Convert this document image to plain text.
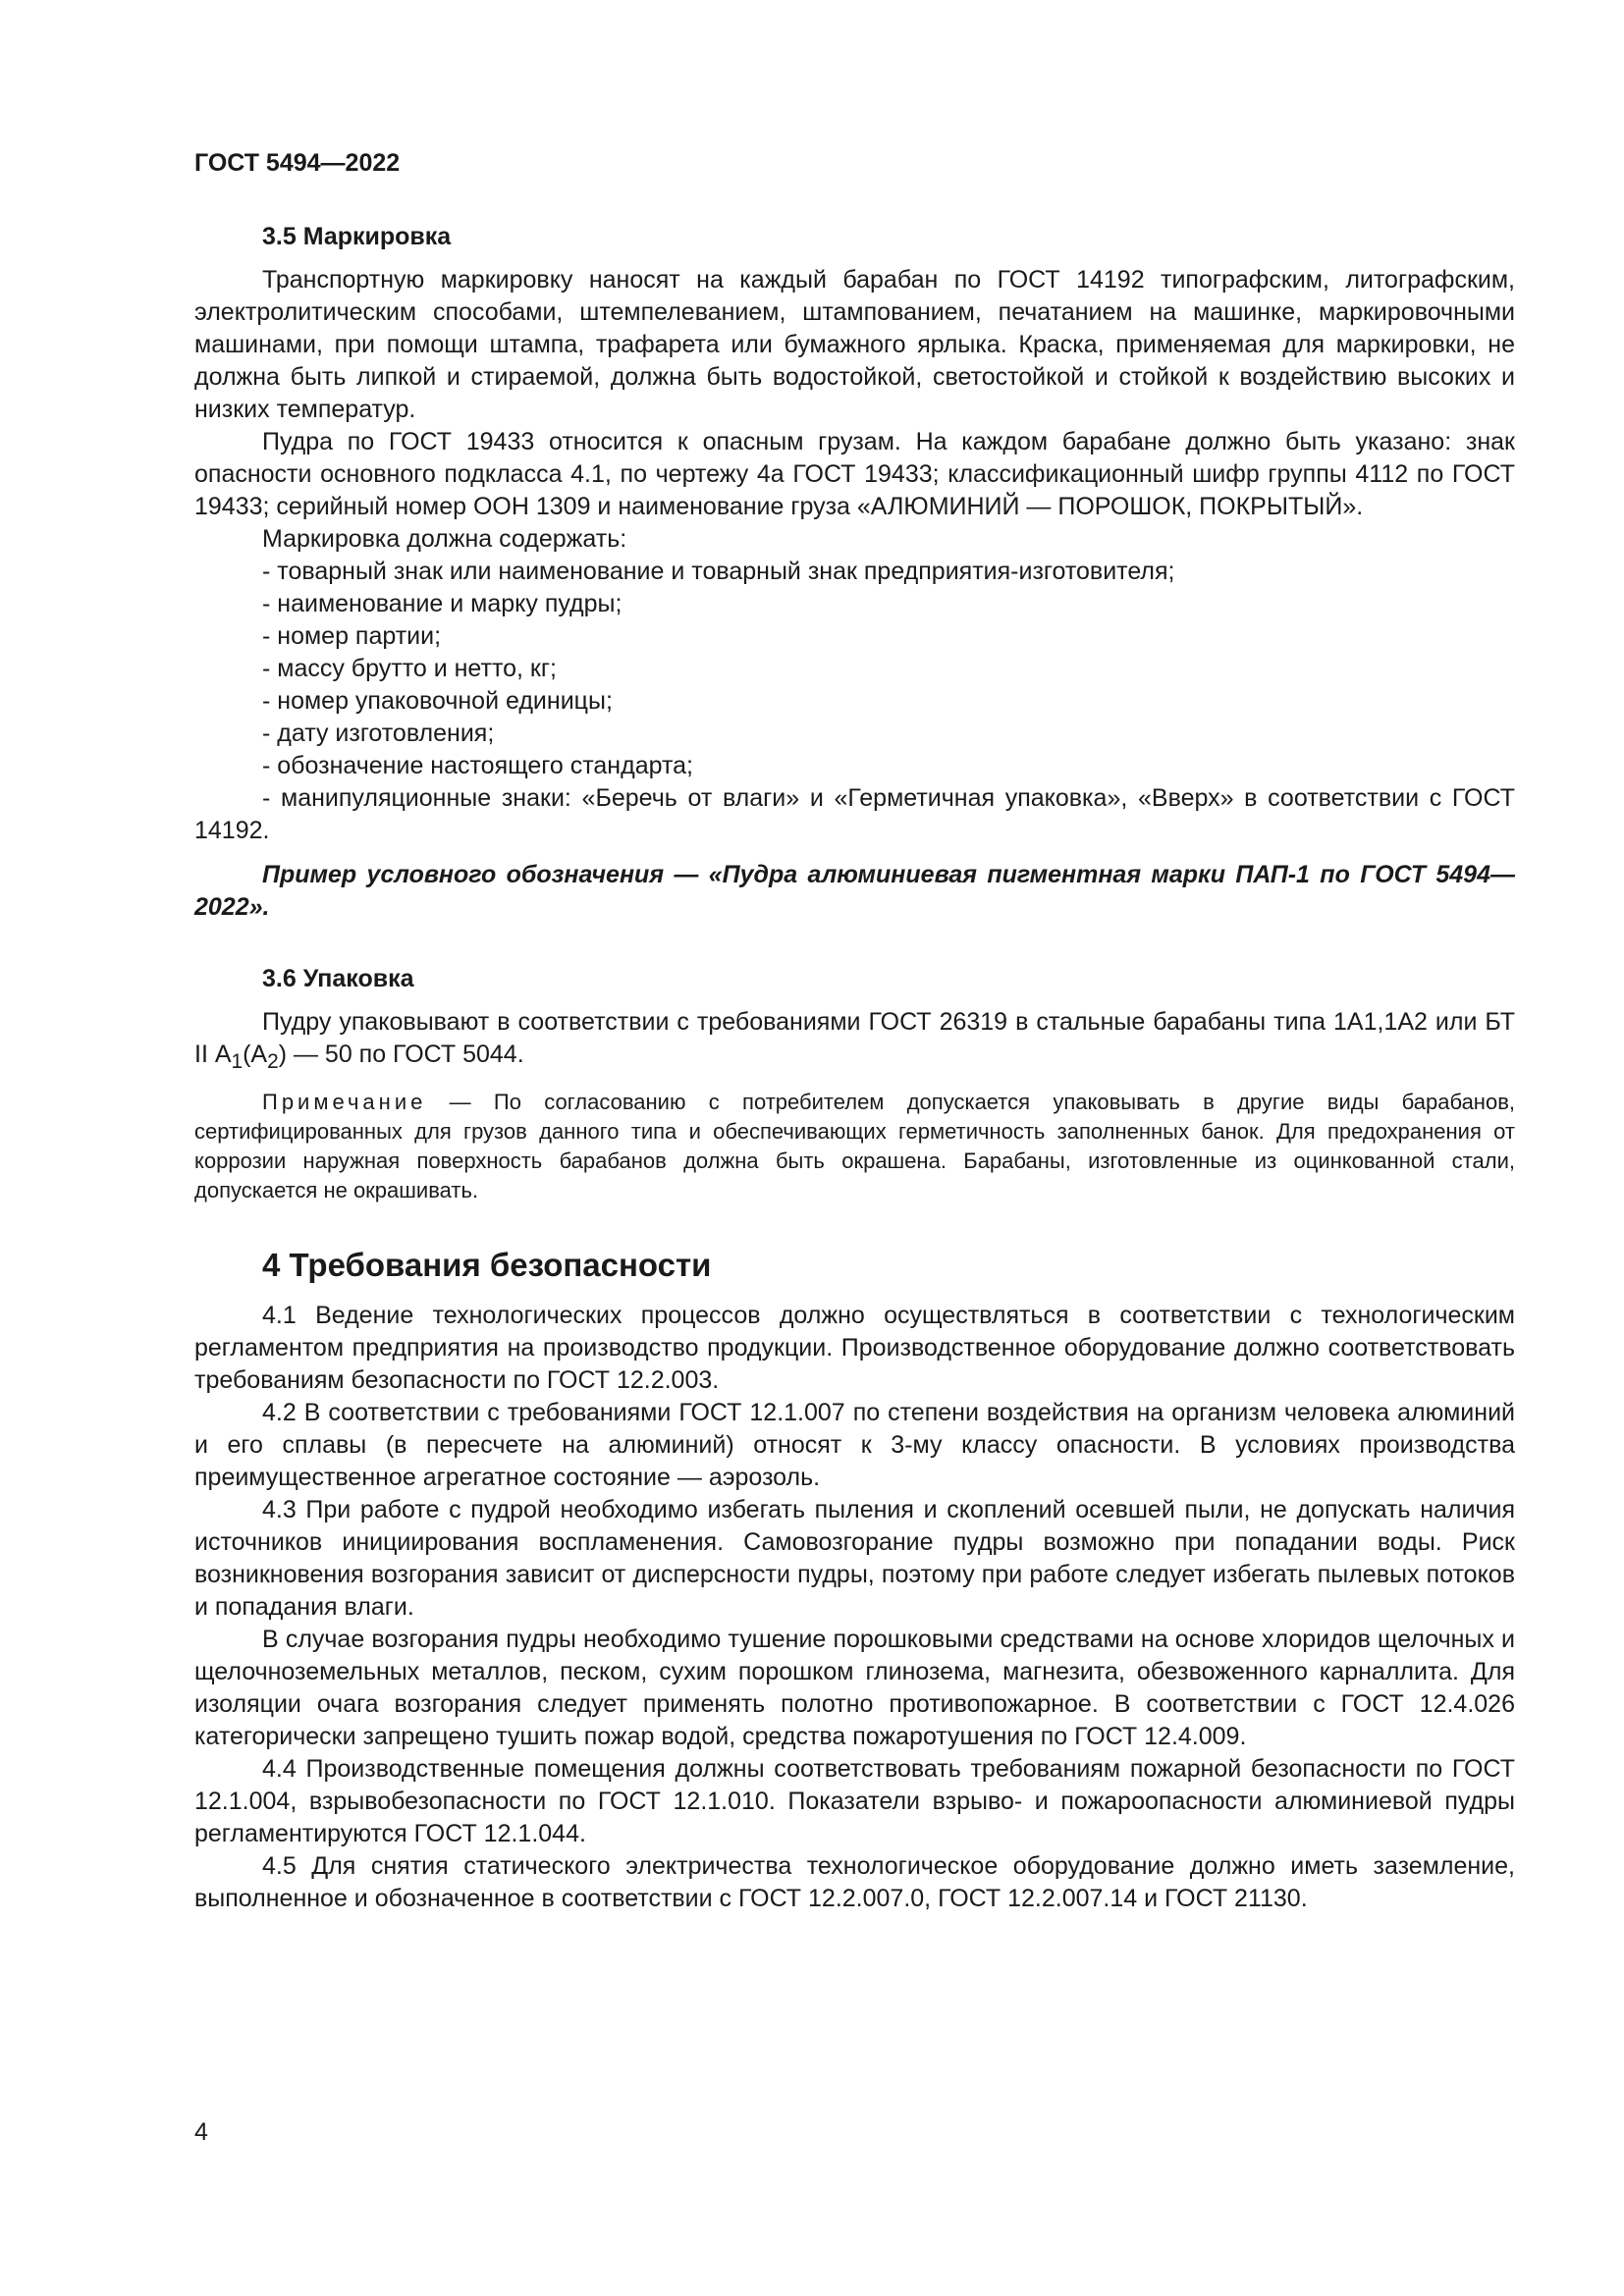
ГОСТ 5494—2022
3.5 Маркировка

Транспортную маркировку наносят на каждый барабан по ГОСТ 14192 типографским, литографским, электролитическим способами, штемпелеванием, штампованием, печатанием на машинке, маркировочными машинами, при помощи штампа, трафарета или бумажного ярлыка. Краска, применяемая для маркировки, не должна быть липкой и стираемой, должна быть водостойкой, светостойкой и стойкой к воздействию высоких и низких температур.

Пудра по ГОСТ 19433 относится к опасным грузам. На каждом барабане должно быть указано: знак опасности основного подкласса 4.1, по чертежу 4а ГОСТ 19433; классификационный шифр группы 4112 по ГОСТ 19433; серийный номер ООН 1309 и наименование груза «АЛЮМИНИЙ — ПОРОШОК, ПОКРЫТЫЙ».

Маркировка должна содержать:

- товарный знак или наименование и товарный знак предприятия-изготовителя;

- наименование и марку пудры;

- номер партии;

- массу брутто и нетто, кг;

- номер упаковочной единицы;

- дату изготовления;

- обозначение настоящего стандарта;

- манипуляционные знаки: «Беречь от влаги» и «Герметичная упаковка», «Вверх» в соответствии с ГОСТ 14192.

Пример условного обозначения — «Пудра алюминиевая пигментная марки ПАП-1 по ГОСТ 5494—2022».

3.6 Упаковка

Пудру упаковывают в соответствии с требованиями ГОСТ 26319 в стальные барабаны типа 1А1,1А2 или БТ II $А_1(А_2)$ — 50 по ГОСТ 5044.

Примечание — По согласованию с потребителем допускается упаковывать в другие виды барабанов, сертифицированных для грузов данного типа и обеспечивающих герметичность заполненных банок. Для предохранения от коррозии наружная поверхность барабанов должна быть окрашена. Барабаны, изготовленные из оцинкованной стали, допускается не окрашивать.

4 Требования безопасности

4.1 Ведение технологических процессов должно осуществляться в соответствии с технологическим регламентом предприятия на производство продукции. Производственное оборудование должно соответствовать требованиям безопасности по ГОСТ 12.2.003.

4.2 В соответствии с требованиями ГОСТ 12.1.007 по степени воздействия на организм человека алюминий и его сплавы (в пересчете на алюминий) относят к 3-му классу опасности. В условиях производства преимущественное агрегатное состояние — аэрозоль.

4.3 При работе с пудрой необходимо избегать пыления и скоплений осевшей пыли, не допускать наличия источников инициирования воспламенения. Самовозгорание пудры возможно при попадании воды. Риск возникновения возгорания зависит от дисперсности пудры, поэтому при работе следует избегать пылевых потоков и попадания влаги.

В случае возгорания пудры необходимо тушение порошковыми средствами на основе хлоридов щелочных и щелочноземельных металлов, песком, сухим порошком глинозема, магнезита, обезвоженного карналлита. Для изоляции очага возгорания следует применять полотно противопожарное. В соответствии с ГОСТ 12.4.026 категорически запрещено тушить пожар водой, средства пожаротушения по ГОСТ 12.4.009.

4.4 Производственные помещения должны соответствовать требованиям пожарной безопасности по ГОСТ 12.1.004, взрывобезопасности по ГОСТ 12.1.010. Показатели взрыво- и пожароопасности алюминиевой пудры регламентируются ГОСТ 12.1.044.

4.5 Для снятия статического электричества технологическое оборудование должно иметь заземление, выполненное и обозначенное в соответствии с ГОСТ 12.2.007.0, ГОСТ 12.2.007.14 и ГОСТ 21130.

4
